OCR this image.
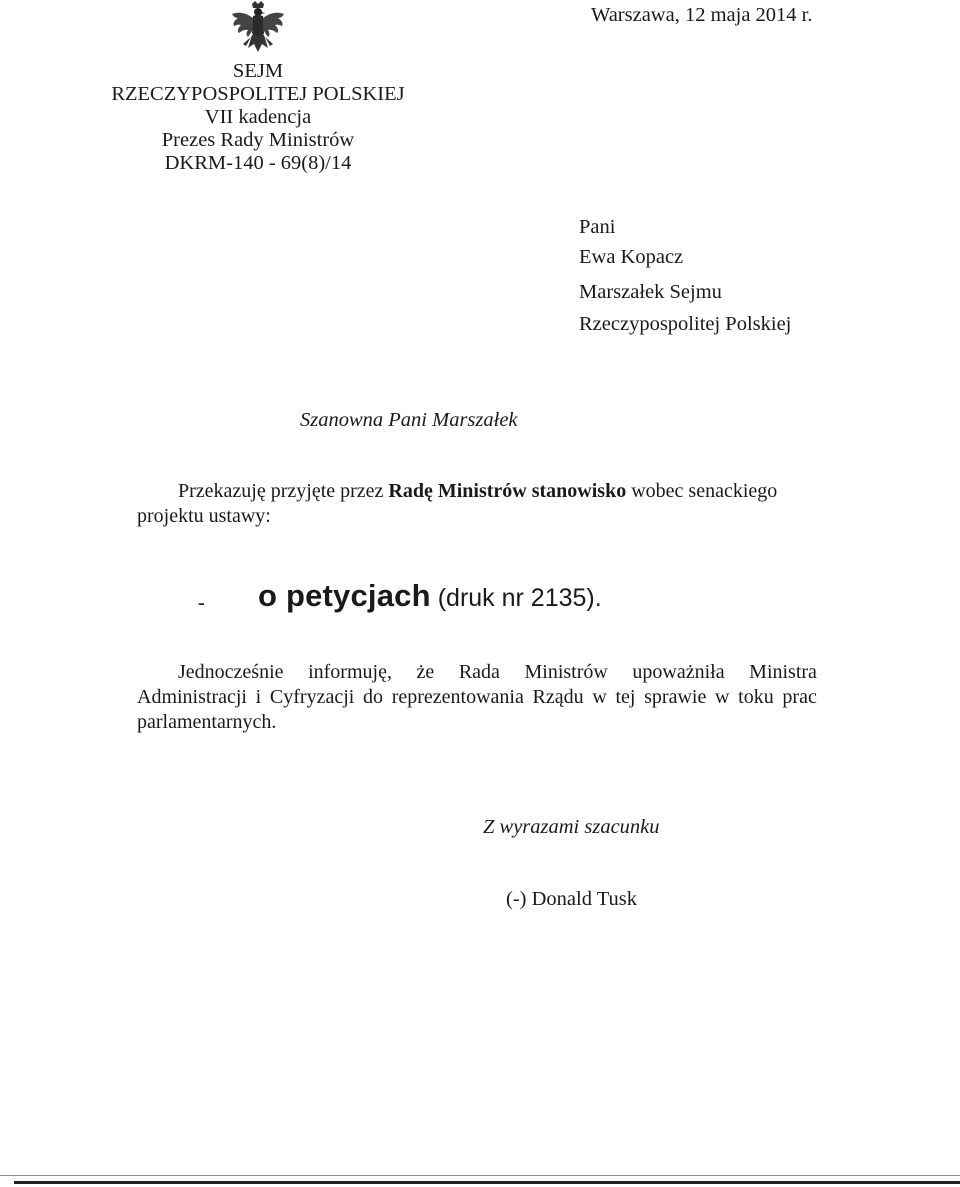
Warszawa, 12 maja 2014 r.
SEJM
RZECZYPOSPOLITEJ POLSKIEJ
VII kadencja
Prezes Rady Ministrów
DKRM-140 - 69(8)/14
Pani
Ewa Kopacz
Marszałek Sejmu
Rzeczypospolitej Polskiej
Szanowna Pani Marszałek
Przekazuję przyjęte przez Radę Ministrów stanowisko wobec senackiego
projektu ustawy:
- o petycjach (druk nr 2135).
Jednocześnie informuję, że Rada Ministrów upoważniła Ministra
Administracji i Cyfryzacji do reprezentowania Rządu w tej sprawie w toku prac
parlamentarnych.
Z wyrazami szacunku
(-) Donald Tusk
